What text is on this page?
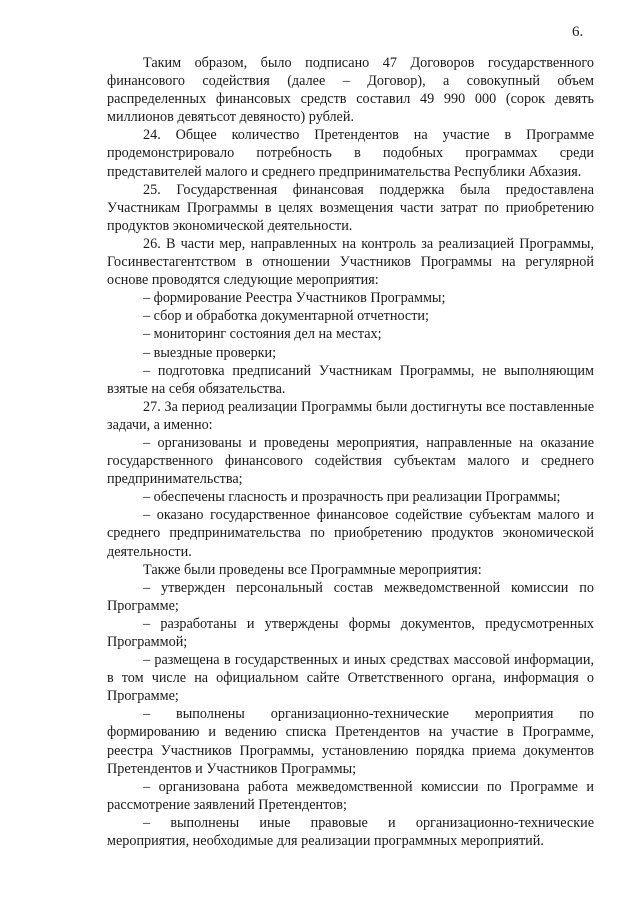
6.

Таким образом, было подписано 47 Договоров государственного финансового содействия (далее – Договор), а совокупный объем распределенных финансовых средств составил 49 990 000 (сорок девять миллионов девятьсот девяносто) рублей.

24. Общее количество Претендентов на участие в Программе продемонстрировало потребность в подобных программах среди представителей малого и среднего предпринимательства Республики Абхазия.

25. Государственная финансовая поддержка была предоставлена Участникам Программы в целях возмещения части затрат по приобретению продуктов экономической деятельности.

26. В части мер, направленных на контроль за реализацией Программы, Госинвестагентством в отношении Участников Программы на регулярной основе проводятся следующие мероприятия:

– формирование Реестра Участников Программы;

– сбор и обработка документарной отчетности;

– мониторинг состояния дел на местах;

– выездные проверки;

– подготовка предписаний Участникам Программы, не выполняющим взятые на себя обязательства.

27. За период реализации Программы были достигнуты все поставленные задачи, а именно:

– организованы и проведены мероприятия, направленные на оказание государственного финансового содействия субъектам малого и среднего предпринимательства;

– обеспечены гласность и прозрачность при реализации Программы;

– оказано государственное финансовое содействие субъектам малого и среднего предпринимательства по приобретению продуктов экономической деятельности.

Также были проведены все Программные мероприятия:

– утвержден персональный состав межведомственной комиссии по Программе;

– разработаны и утверждены формы документов, предусмотренных Программой;

– размещена в государственных и иных средствах массовой информации, в том числе на официальном сайте Ответственного органа, информация о Программе;

– выполнены организационно-технические мероприятия по формированию и ведению списка Претендентов на участие в Программе, реестра Участников Программы, установлению порядка приема документов Претендентов и Участников Программы;

– организована работа межведомственной комиссии по Программе и рассмотрение заявлений Претендентов;

– выполнены иные правовые и организационно-технические мероприятия, необходимые для реализации программных мероприятий.
